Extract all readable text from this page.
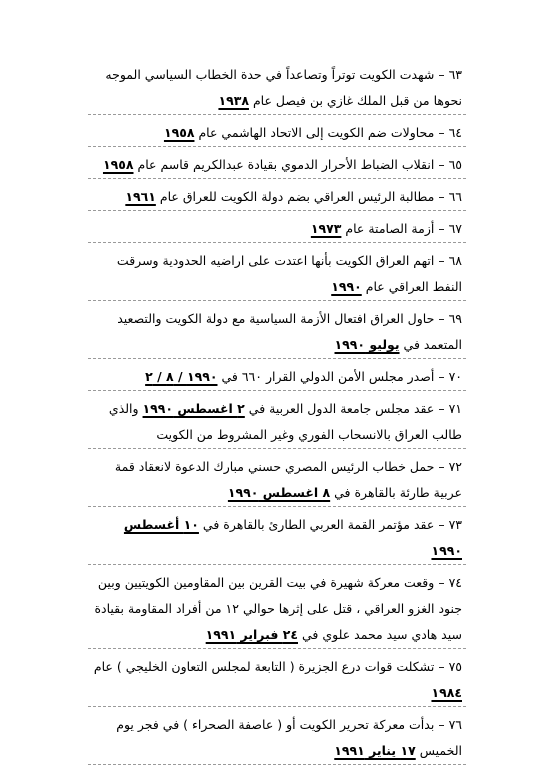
٦٣ –شهدت الكويت توتراً وتصاعداً في حدة الخطاب السياسي الموجه نحوها من قبل الملك غازي بن فيصل عام ١٩٣٨
٦٤ –محاولات ضم الكويت إلى الاتحاد الهاشمي عام ١٩٥٨
٦٥ –انقلاب الضباط الأحرار الدموي بقيادة عبدالكريم قاسم عام ١٩٥٨
٦٦ –مطالبة الرئيس العراقي بضم دولة الكويت للعراق عام ١٩٦١
٦٧ –أزمة الصامتة عام ١٩٧٣
٦٨ –اتهم العراق الكويت بأنها اعتدت على اراضيه الحدودية وسرقت النفط العراقي عام ١٩٩٠
٦٩ –حاول العراق افتعال الأزمة السياسية مع دولة الكويت والتصعيد المتعمد في يوليو ١٩٩٠
٧٠ –أصدر مجلس الأمن الدولي القرار ٦٦٠ في ١٩٩٠ / ٨ / ٢
٧١ –عقد مجلس جامعة الدول العربية في ٢ اغسطس ١٩٩٠ والذي طالب العراق بالانسحاب الفوري وغير المشروط من الكويت
٧٢ –حمل خطاب الرئيس المصري حسني مبارك الدعوة لانعقاد قمة عربية طارئة بالقاهرة في ٨ اغسطس ١٩٩٠
٧٣ –عقد مؤتمر القمة العربي الطارئ بالقاهرة في ١٠ أغسطس ١٩٩٠
٧٤ –وقعت معركة شهيرة في بيت القرين بين المقاومين الكويتيين وبين جنود الغزو العراقي ، قتل على إثرها حوالي ١٢ من أفراد المقاومة بقيادة سيد هادي سيد محمد علوي في ٢٤ فبراير ١٩٩١
٧٥ –تشكلت قوات درع الجزيرة ( التابعة لمجلس التعاون الخليجي ) عام ١٩٨٤
٧٦ –بدأت معركة تحرير الكويت أو ( عاصفة الصحراء ) في فجر يوم الخميس ١٧ يناير ١٩٩١
